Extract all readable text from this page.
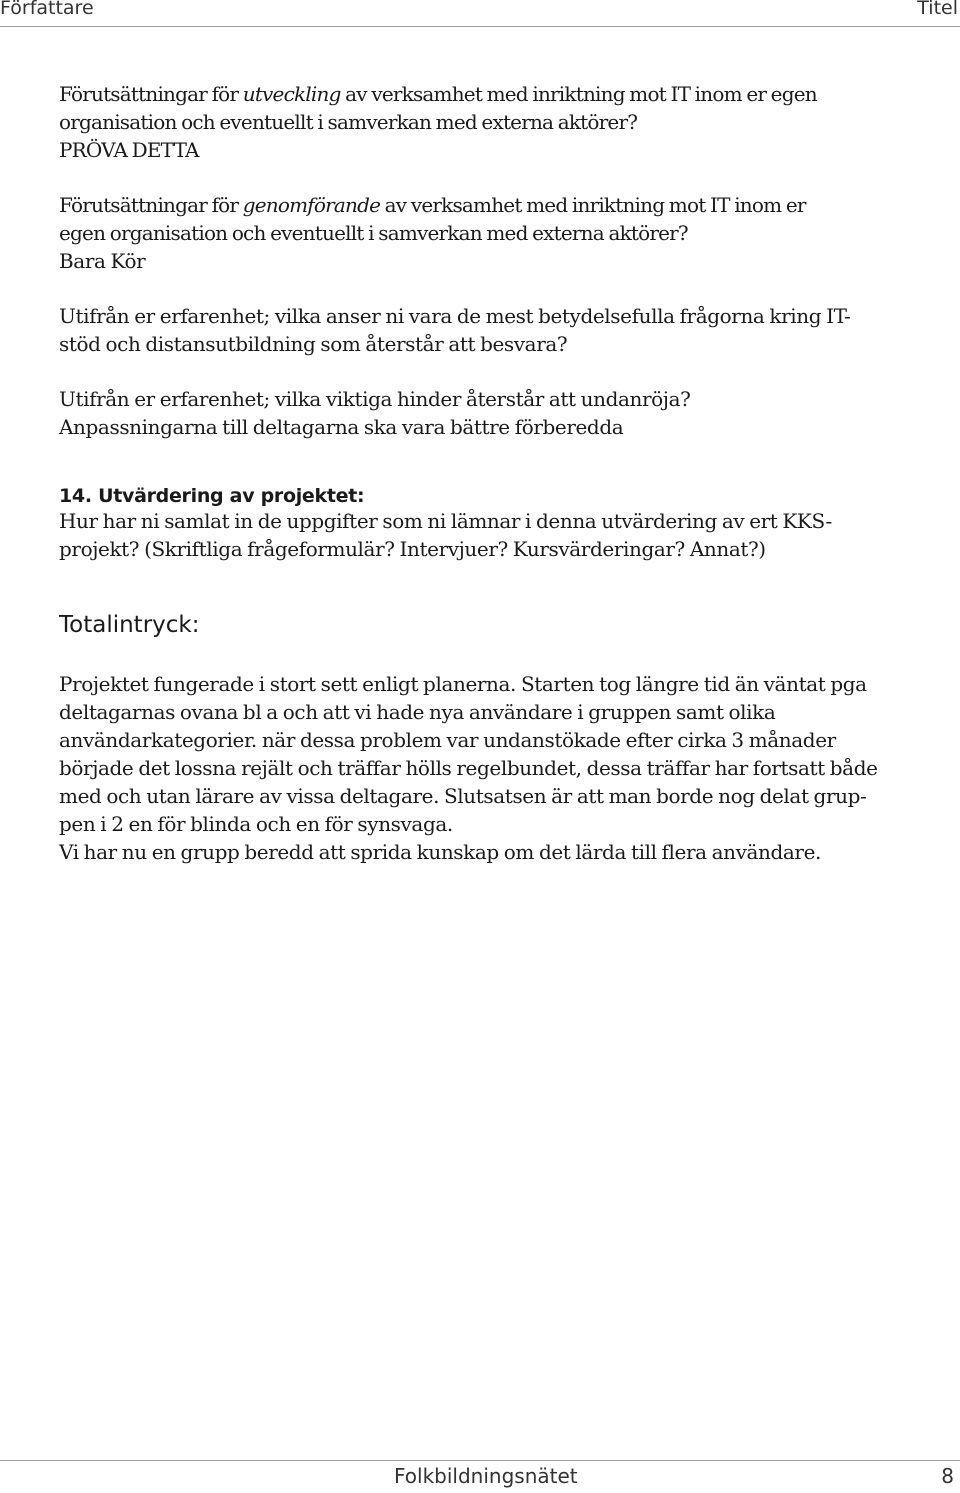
Författare	Titel

Förutsättningar för utveckling av verksamhet med inriktning mot IT inom er egen

organisation och eventuellt i samverkan med externa aktörer?

PRÖVA DETTA

Förutsättningar för genomförande av verksamhet med inriktning mot IT inom er

egen organisation och eventuellt i samverkan med externa aktörer?

Bara Kör

Utifrån er erfarenhet; vilka anser ni vara de mest betydelsefulla frågorna kring IT-

stöd och distansutbildning som återstår att besvara?

Utifrån er erfarenhet; vilka viktiga hinder återstår att undanröja?

Anpassningarna till deltagarna ska vara bättre förberedda

14. Utvärdering av projektet:

Hur har ni samlat in de uppgifter som ni lämnar i denna utvärdering av ert KKS-

projekt? (Skriftliga frågeformulär? Intervjuer? Kursvärderingar? Annat?)

Totalintryck:

Projektet fungerade i stort sett enligt planerna. Starten tog längre tid än väntat pga

deltagarnas ovana bl a och att vi hade nya användare i gruppen samt olika

användarkategorier. när dessa problem var undanstökade efter cirka 3 månader

började det lossna rejält och träffar hölls regelbundet, dessa träffar har fortsatt både

med och utan lärare av vissa deltagare. Slutsatsen är att man borde nog delat grup-

pen i 2 en för blinda och en för synsvaga.

Vi har nu en grupp beredd att sprida kunskap om det lärda till flera användare.

Folkbildningsnätet	8
